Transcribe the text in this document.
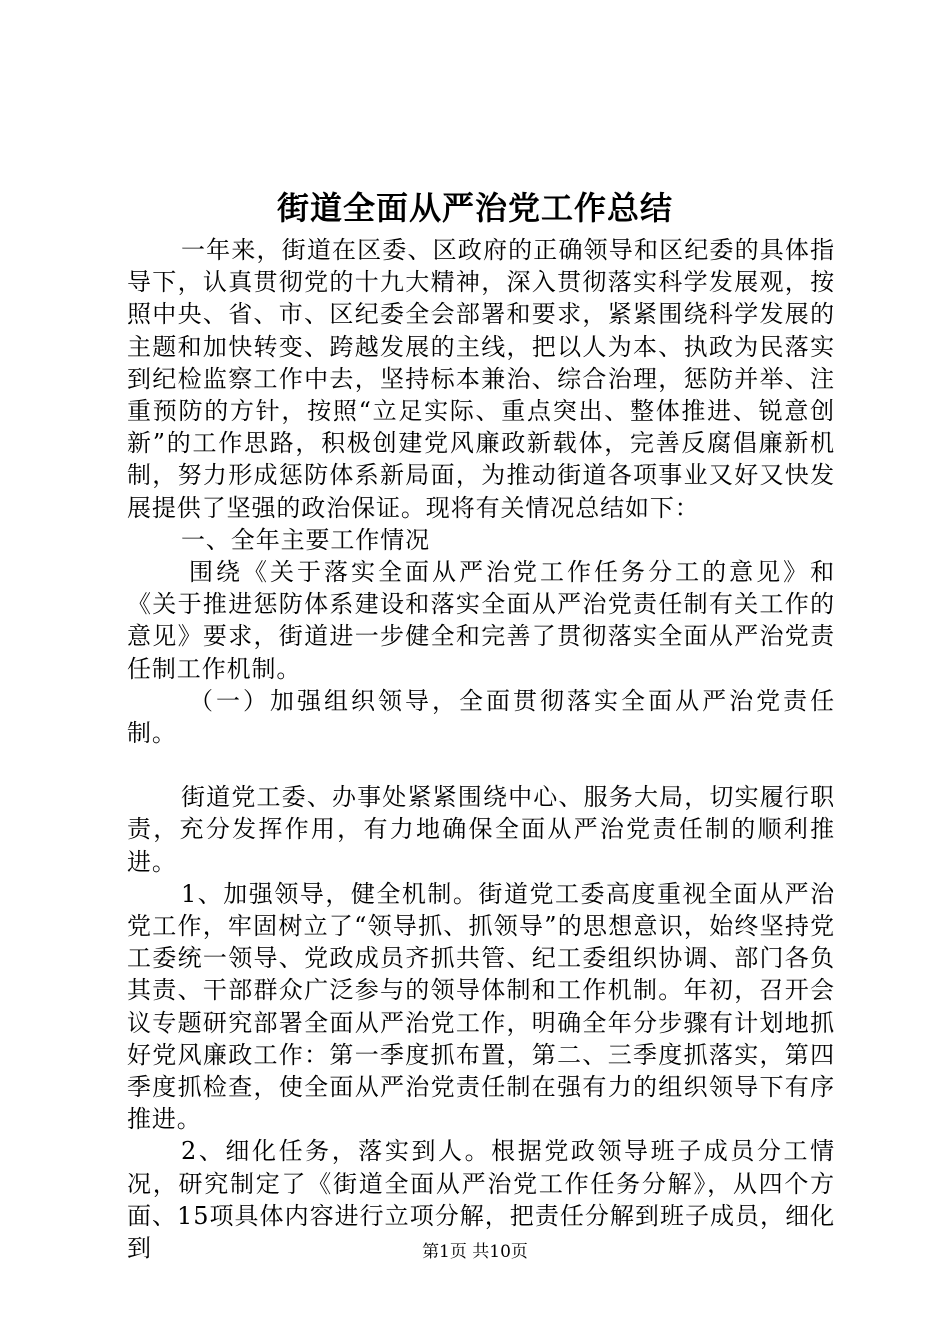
街道全面从严治党工作总结

一年来，街道在区委、区政府的正确领导和区纪委的具体指导下，认真贯彻党的十九大精神，深入贯彻落实科学发展观，按照中央、省、市、区纪委全会部署和要求，紧紧围绕科学发展的主题和加快转变、跨越发展的主线，把以人为本、执政为民落实到纪检监察工作中去，坚持标本兼治、综合治理，惩防并举、注重预防的方针，按照“立足实际、重点突出、整体推进、锐意创新”的工作思路，积极创建党风廉政新载体，完善反腐倡廉新机制，努力形成惩防体系新局面，为推动街道各项事业又好又快发展提供了坚强的政治保证。现将有关情况总结如下：

一、全年主要工作情况

围绕《关于落实全面从严治党工作任务分工的意见》和《关于推进惩防体系建设和落实全面从严治党责任制有关工作的意见》要求，街道进一步健全和完善了贯彻落实全面从严治党责任制工作机制。

（一）加强组织领导，全面贯彻落实全面从严治党责任制。

街道党工委、办事处紧紧围绕中心、服务大局，切实履行职责，充分发挥作用，有力地确保全面从严治党责任制的顺利推进。

1、加强领导，健全机制。街道党工委高度重视全面从严治党工作，牢固树立了“领导抓、抓领导”的思想意识，始终坚持党工委统一领导、党政成员齐抓共管、纪工委组织协调、部门各负其责、干部群众广泛参与的领导体制和工作机制。年初，召开会议专题研究部署全面从严治党工作，明确全年分步骤有计划地抓好党风廉政工作：第一季度抓布置，第二、三季度抓落实，第四季度抓检查，使全面从严治党责任制在强有力的组织领导下有序推进。

2、细化任务，落实到人。根据党政领导班子成员分工情况，研究制定了《街道全面从严治党工作任务分解》，从四个方面、15项具体内容进行立项分解，把责任分解到班子成员，细化到	第1页 共10页
